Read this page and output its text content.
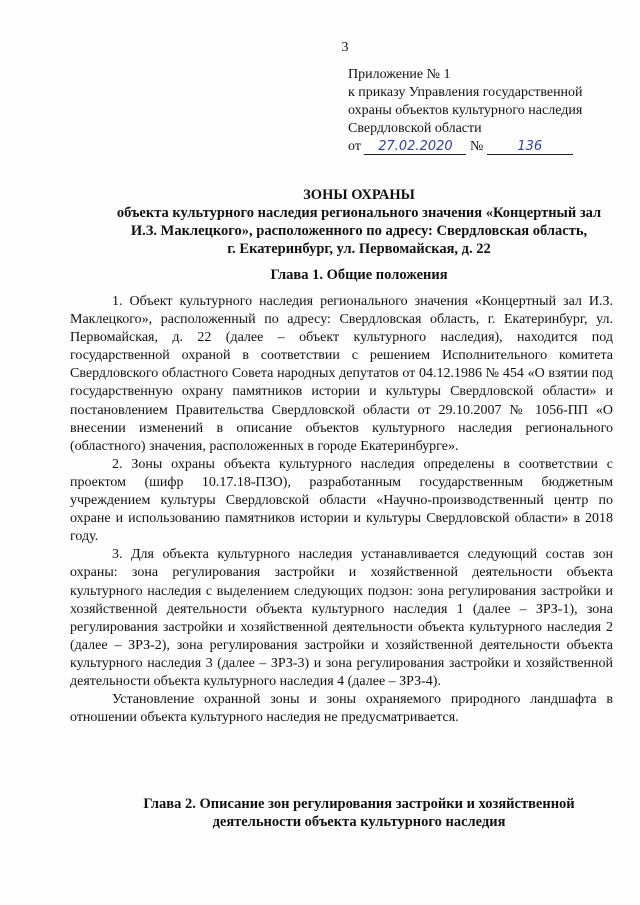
3
Приложение № 1
к приказу Управления государственной
охраны объектов культурного наследия
Свердловской области
от 27.02.2020 №	136
ЗОНЫ ОХРАНЫ
объекта культурного наследия регионального значения «Концертный зал
И.З. Маклецкого», расположенного по адресу: Свердловская область,
г. Екатеринбург, ул. Первомайская, д. 22
Глава 1. Общие положения

1. Объект культурного наследия регионального значения «Концертный зал И.З. Маклецкого», расположенный по адресу: Свердловская область, г. Екатеринбург, ул. Первомайская, д. 22 (далее – объект культурного наследия), находится под государственной охраной в соответствии с решением Исполнительного комитета Свердловского областного Совета народных депутатов от 04.12.1986 № 454 «О взятии под государственную охрану памятников истории и культуры Свердловской области» и постановлением Правительства Свердловской области от 29.10.2007 № 1056-ПП «О внесении изменений в описание объектов культурного наследия регионального (областного) значения, расположенных в городе Екатеринбурге».

2. Зоны охраны объекта культурного наследия определены в соответствии с проектом (шифр 10.17.18-ПЗО), разработанным государственным бюджетным учреждением культуры Свердловской области «Научно-производственный центр по охране и использованию памятников истории и культуры Свердловской области» в 2018 году.

3. Для объекта культурного наследия устанавливается следующий состав зон охраны: зона регулирования застройки и хозяйственной деятельности объекта культурного наследия с выделением следующих подзон: зона регулирования застройки и хозяйственной деятельности объекта культурного наследия 1 (далее – ЗРЗ-1), зона регулирования застройки и хозяйственной деятельности объекта культурного наследия 2 (далее – ЗРЗ-2), зона регулирования застройки и хозяйственной деятельности объекта культурного наследия 3 (далее – ЗРЗ-3) и зона регулирования застройки и хозяйственной деятельности объекта культурного наследия 4 (далее – ЗРЗ-4).

Установление охранной зоны и зоны охраняемого природного ландшафта в отношении объекта культурного наследия не предусматривается.

Глава 2. Описание зон регулирования застройки и хозяйственной
деятельности объекта культурного наследия
